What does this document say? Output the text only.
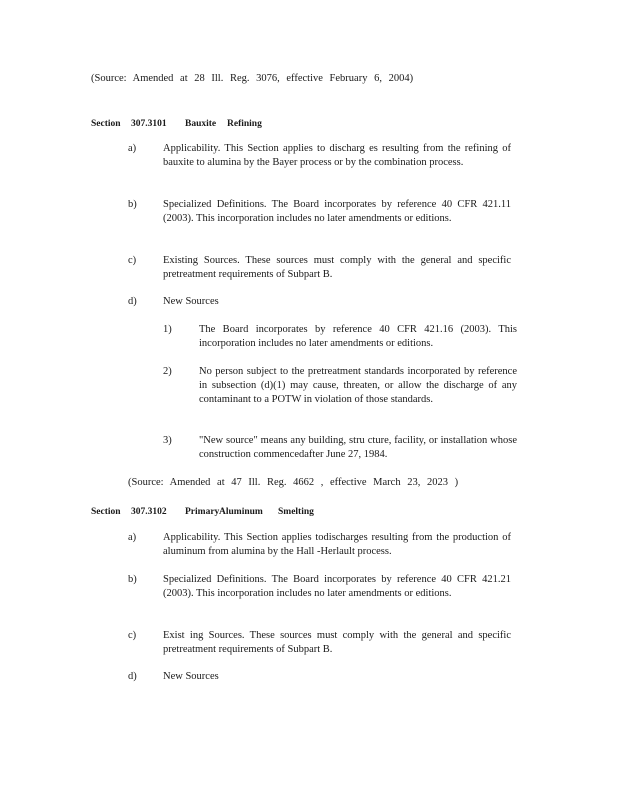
(Source: Amended at 28 Ill. Reg. 3076, effective February 6, 2004)
Section	307.3101	Bauxite	Refining
a)	Applicability. This Section applies to discharg es resulting from the refining of bauxite to alumina by the Bayer process or by the combination process.
b)	Specialized Definitions. The Board incorporates by reference 40 CFR 421.11 (2003). This incorporation includes no later amendments or editions.
c)	Existing Sources. These sources must comply with the general and specific pretreatment requirements of Subpart B.
d)	New Sources
1)	The Board incorporates by reference 40 CFR 421.16 (2003). This incorporation includes no later amendments or editions.
2)	No person subject to the pretreatment standards incorporated by reference in subsection (d)(1) may cause, threaten, or allow the discharge of any contaminant to a POTW in violation of those standards.
3)	"New source" means any building, stru cture, facility, or installation whose construction commencedafter June 27, 1984.
(Source: Amended at 47 Ill. Reg. 4662 , effective March 23, 2023 )
Section	307.3102	Primary Aluminum	Smelting
a)	Applicability. This Section applies todischarges resulting from the production of aluminum from alumina by the Hall -Herlault process.
b)	Specialized Definitions. The Board incorporates by reference 40 CFR 421.21 (2003). This incorporation includes no later amendments or editions.
c)	Exist ing Sources. These sources must comply with the general and specific pretreatment requirements of Subpart B.
d)	New Sources
